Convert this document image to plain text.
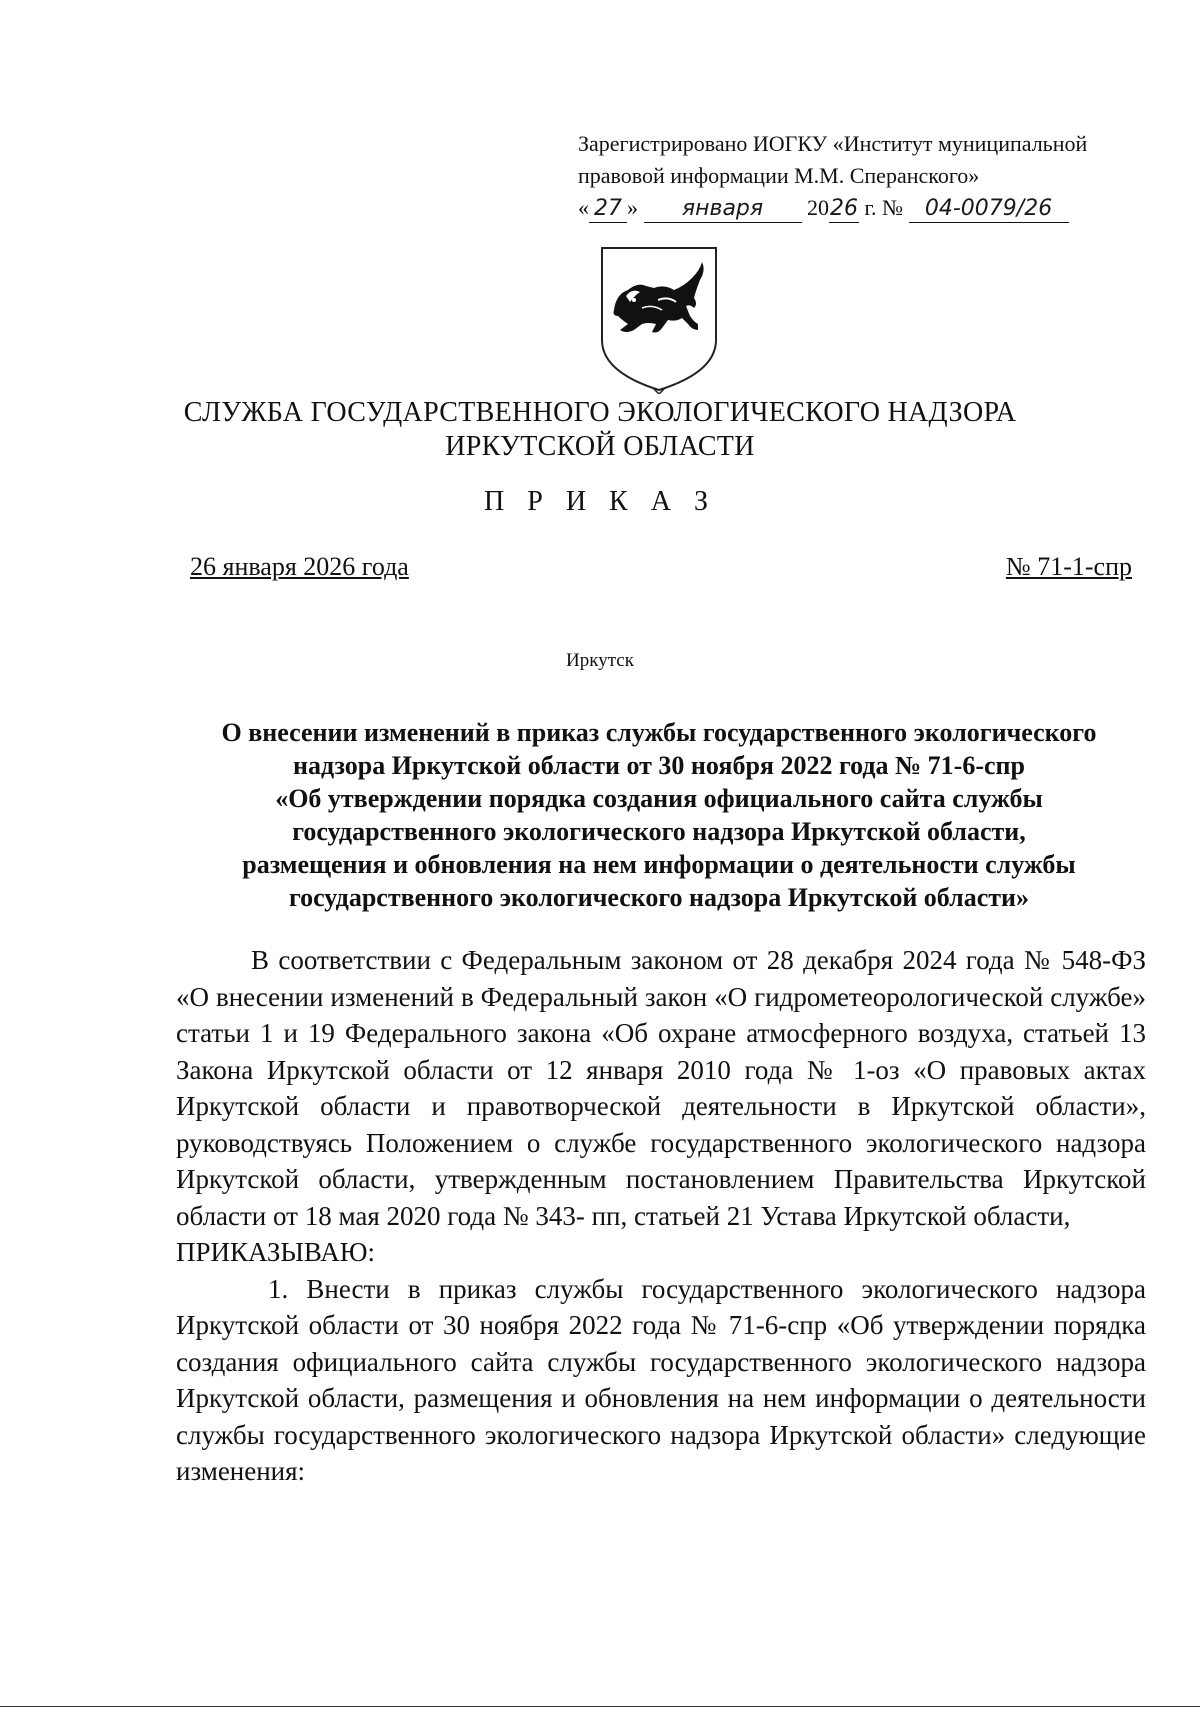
Зарегистрировано ИОГКУ «Институт муниципальной
правовой информации М.М. Сперанского»
« 27 » января 2026 г. № 04-0079/26
СЛУЖБА ГОСУДАРСТВЕННОГО ЭКОЛОГИЧЕСКОГО НАДЗОРА
ИРКУТСКОЙ ОБЛАСТИ
П Р И К А З
26 января 2026 года	№ 71-1-спр
Иркутск
О внесении изменений в приказ службы государственного экологического
надзора Иркутской области от 30 ноября 2022 года № 71-6-спр
«Об утверждении порядка создания официального сайта службы
государственного экологического надзора Иркутской области,
размещения и обновления на нем информации о деятельности службы
государственного экологического надзора Иркутской области»

В соответствии с Федеральным законом от 28 декабря 2024 года № 548-ФЗ «О внесении изменений в Федеральный закон «О гидрометеорологической службе» статьи 1 и 19 Федерального закона «Об охране атмосферного воздуха, статьей 13 Закона Иркутской области от 12 января 2010 года № 1-оз «О правовых актах Иркутской области и правотворческой деятельности в Иркутской области», руководствуясь Положением о службе государственного экологического надзора Иркутской области, утвержденным постановлением Правительства Иркутской области от 18 мая 2020 года № 343- пп, статьей 21 Устава Иркутской области,

ПРИКАЗЫВАЮ:

1. Внести в приказ службы государственного экологического надзора Иркутской области от 30 ноября 2022 года № 71-6-спр «Об утверждении порядка создания официального сайта службы государственного экологического надзора Иркутской области, размещения и обновления на нем информации о деятельности службы государственного экологического надзора Иркутской области» следующие изменения:
